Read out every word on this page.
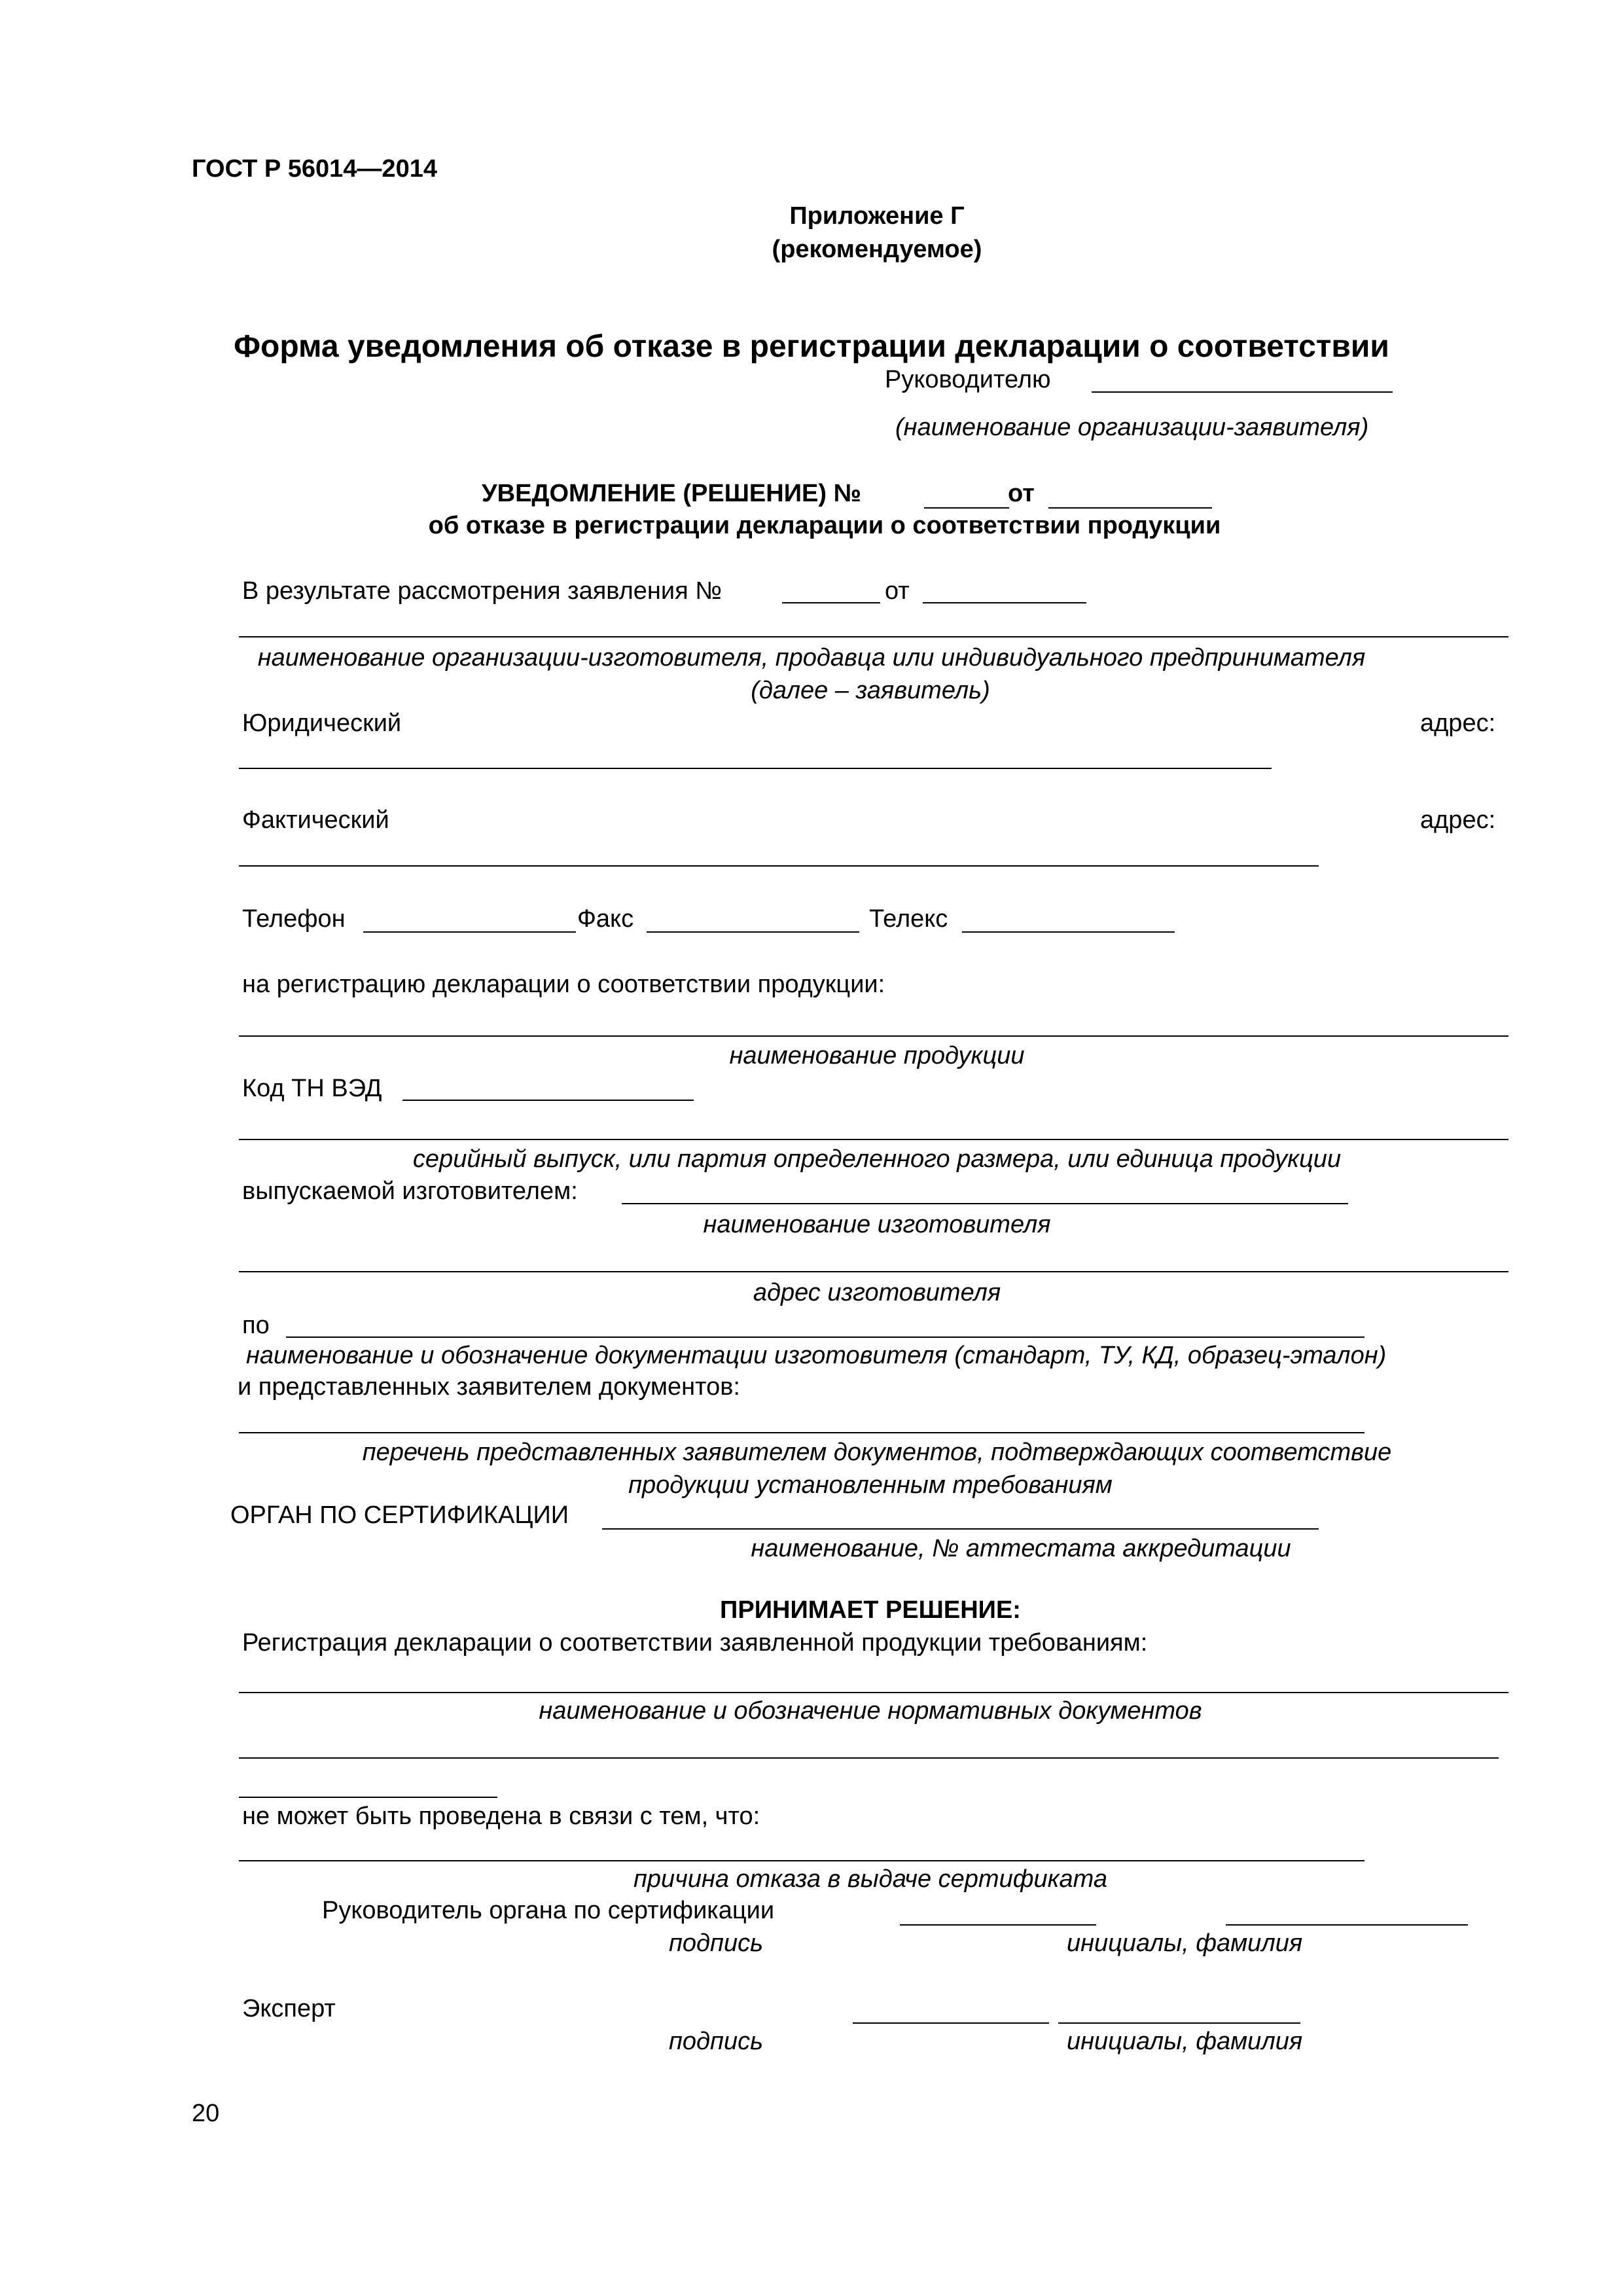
ГОСТ Р 56014—2014
Приложение Г
(рекомендуемое)
Форма уведомления об отказе в регистрации декларации о соответствии
Руководителю
(наименование организации-заявителя)
УВЕДОМЛЕНИЕ (РЕШЕНИЕ) №	от
об отказе в регистрации декларации о соответствии продукции
В результате рассмотрения заявления №	от
наименование организации-изготовителя, продавца или индивидуального предпринимателя
(далее – заявитель)
Юридический	адрес:
Фактический	адрес:
Телефон	Факс	Телекс
на регистрацию декларации о соответствии продукции:
наименование продукции
Код ТН ВЭД
серийный выпуск, или партия определенного размера, или единица продукции
выпускаемой изготовителем:
наименование изготовителя
адрес изготовителя
по
наименование и обозначение документации изготовителя (стандарт, ТУ, КД, образец-эталон)
и представленных заявителем документов:
перечень представленных заявителем документов, подтверждающих соответствие
продукции установленным требованиям
ОРГАН ПО СЕРТИФИКАЦИИ
наименование, № аттестата аккредитации
ПРИНИМАЕТ РЕШЕНИЕ:
Регистрация декларации о соответствии заявленной продукции требованиям:
наименование и обозначение нормативных документов
не может быть проведена в связи с тем, что:
причина отказа в выдаче сертификата
Руководитель органа по сертификации
подпись	инициалы, фамилия
Эксперт
подпись	инициалы, фамилия
20
